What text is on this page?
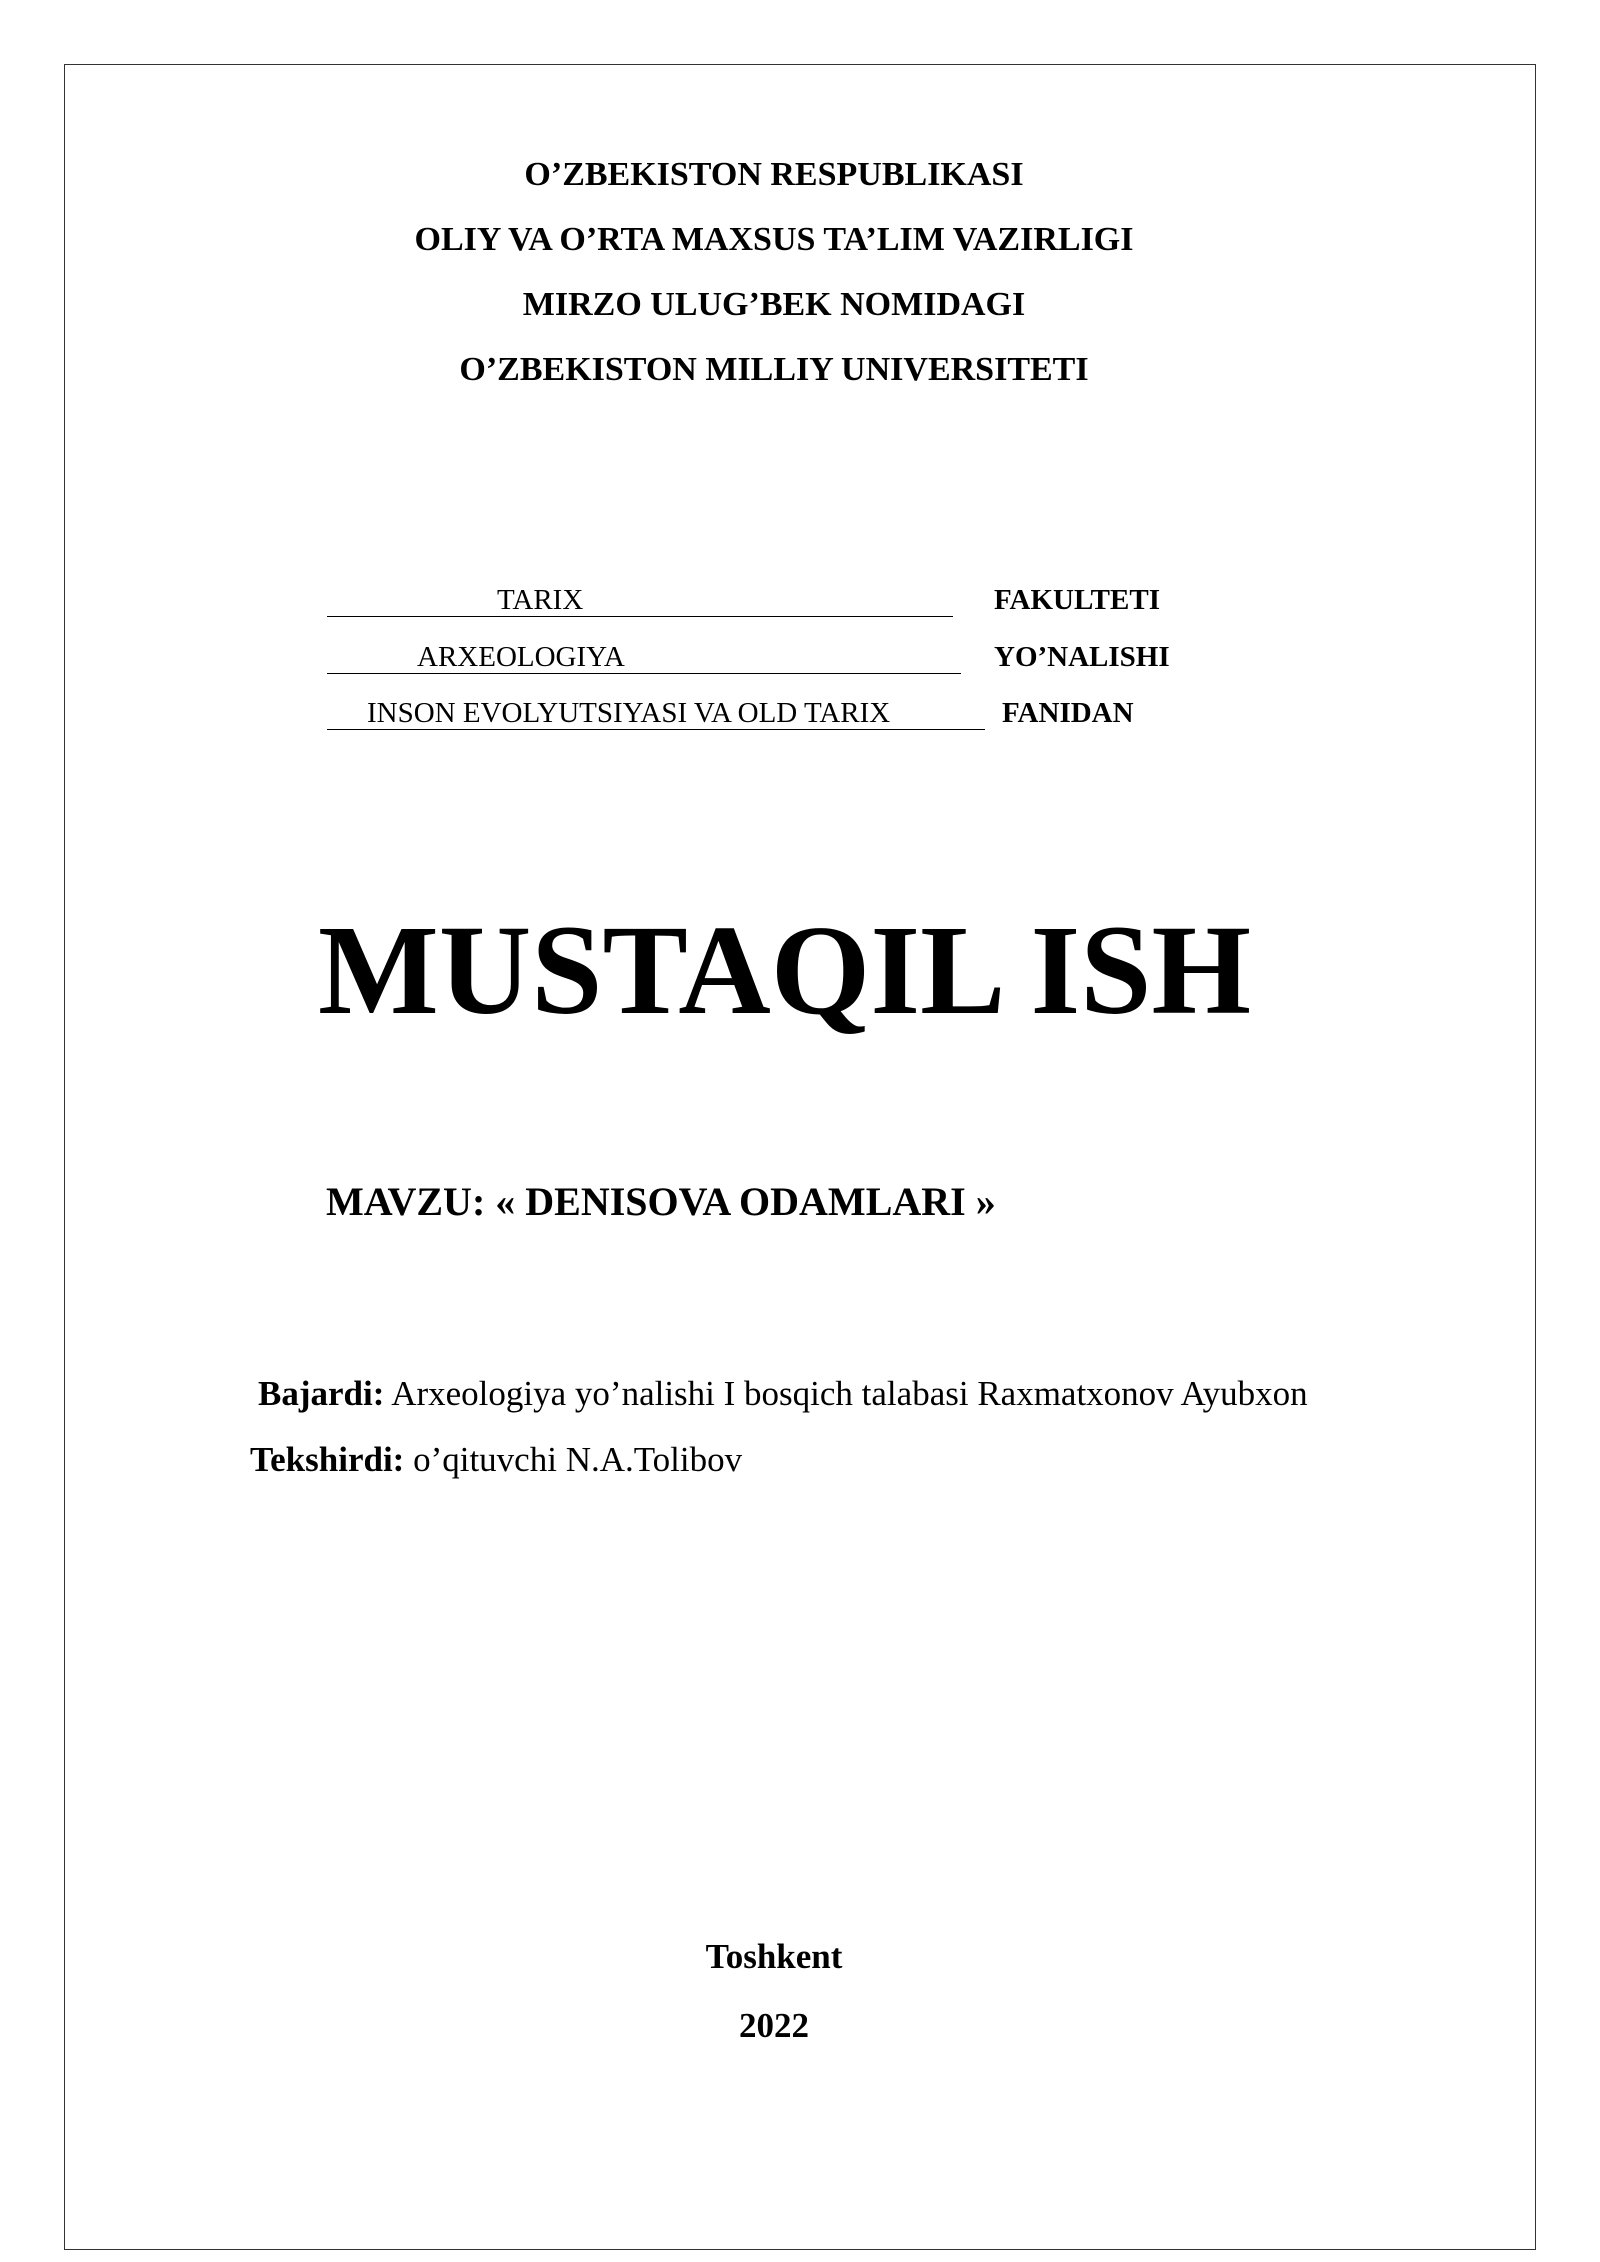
O’ZBEKISTON RESPUBLIKASI
OLIY VA O’RTA MAXSUS TA’LIM VAZIRLIGI
MIRZO ULUG’BEK NOMIDAGI
O’ZBEKISTON MILLIY UNIVERSITETI
TARIX	FAKULTETI
ARXEOLOGIYA	YO’NALISHI
INSON EVOLYUTSIYASI VA OLD TARIX	FANIDAN
MUSTAQIL ISH
MAVZU: « DENISOVA ODAMLARI »
Bajardi: Arxeologiya yo’nalishi I bosqich talabasi Raxmatxonov Ayubxon
Tekshirdi: o’qituvchi N.A.Tolibov
Toshkent
2022
